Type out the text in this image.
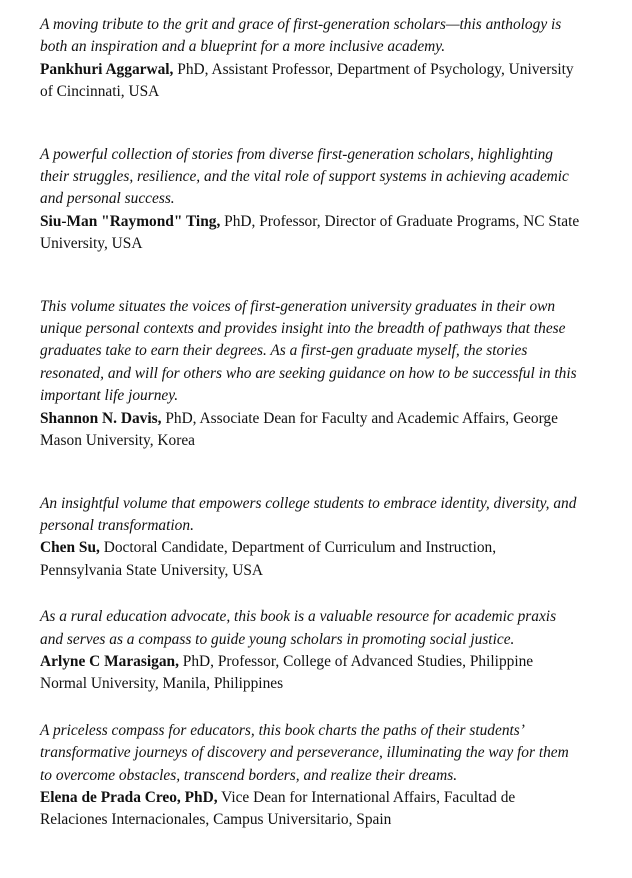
A moving tribute to the grit and grace of first-generation scholars—this anthology is both an inspiration and a blueprint for a more inclusive academy.

Pankhuri Aggarwal, PhD, Assistant Professor, Department of Psychology, University of Cincinnati, USA

A powerful collection of stories from diverse first-generation scholars, highlighting their struggles, resilience, and the vital role of support systems in achieving academic and personal success.

Siu-Man "Raymond" Ting, PhD, Professor, Director of Graduate Programs, NC State University, USA

This volume situates the voices of first-generation university graduates in their own unique personal contexts and provides insight into the breadth of pathways that these graduates take to earn their degrees. As a first-gen graduate myself, the stories resonated, and will for others who are seeking guidance on how to be successful in this important life journey.

Shannon N. Davis, PhD, Associate Dean for Faculty and Academic Affairs, George Mason University, Korea

An insightful volume that empowers college students to embrace identity, diversity, and personal transformation.

Chen Su, Doctoral Candidate, Department of Curriculum and Instruction, Pennsylvania State University, USA

As a rural education advocate, this book is a valuable resource for academic praxis and serves as a compass to guide young scholars in promoting social justice.

Arlyne C Marasigan, PhD, Professor, College of Advanced Studies, Philippine Normal University, Manila, Philippines

A priceless compass for educators, this book charts the paths of their students’ transformative journeys of discovery and perseverance, illuminating the way for them to overcome obstacles, transcend borders, and realize their dreams.

Elena de Prada Creo, PhD, Vice Dean for International Affairs, Facultad de Relaciones Internacionales, Campus Universitario, Spain
